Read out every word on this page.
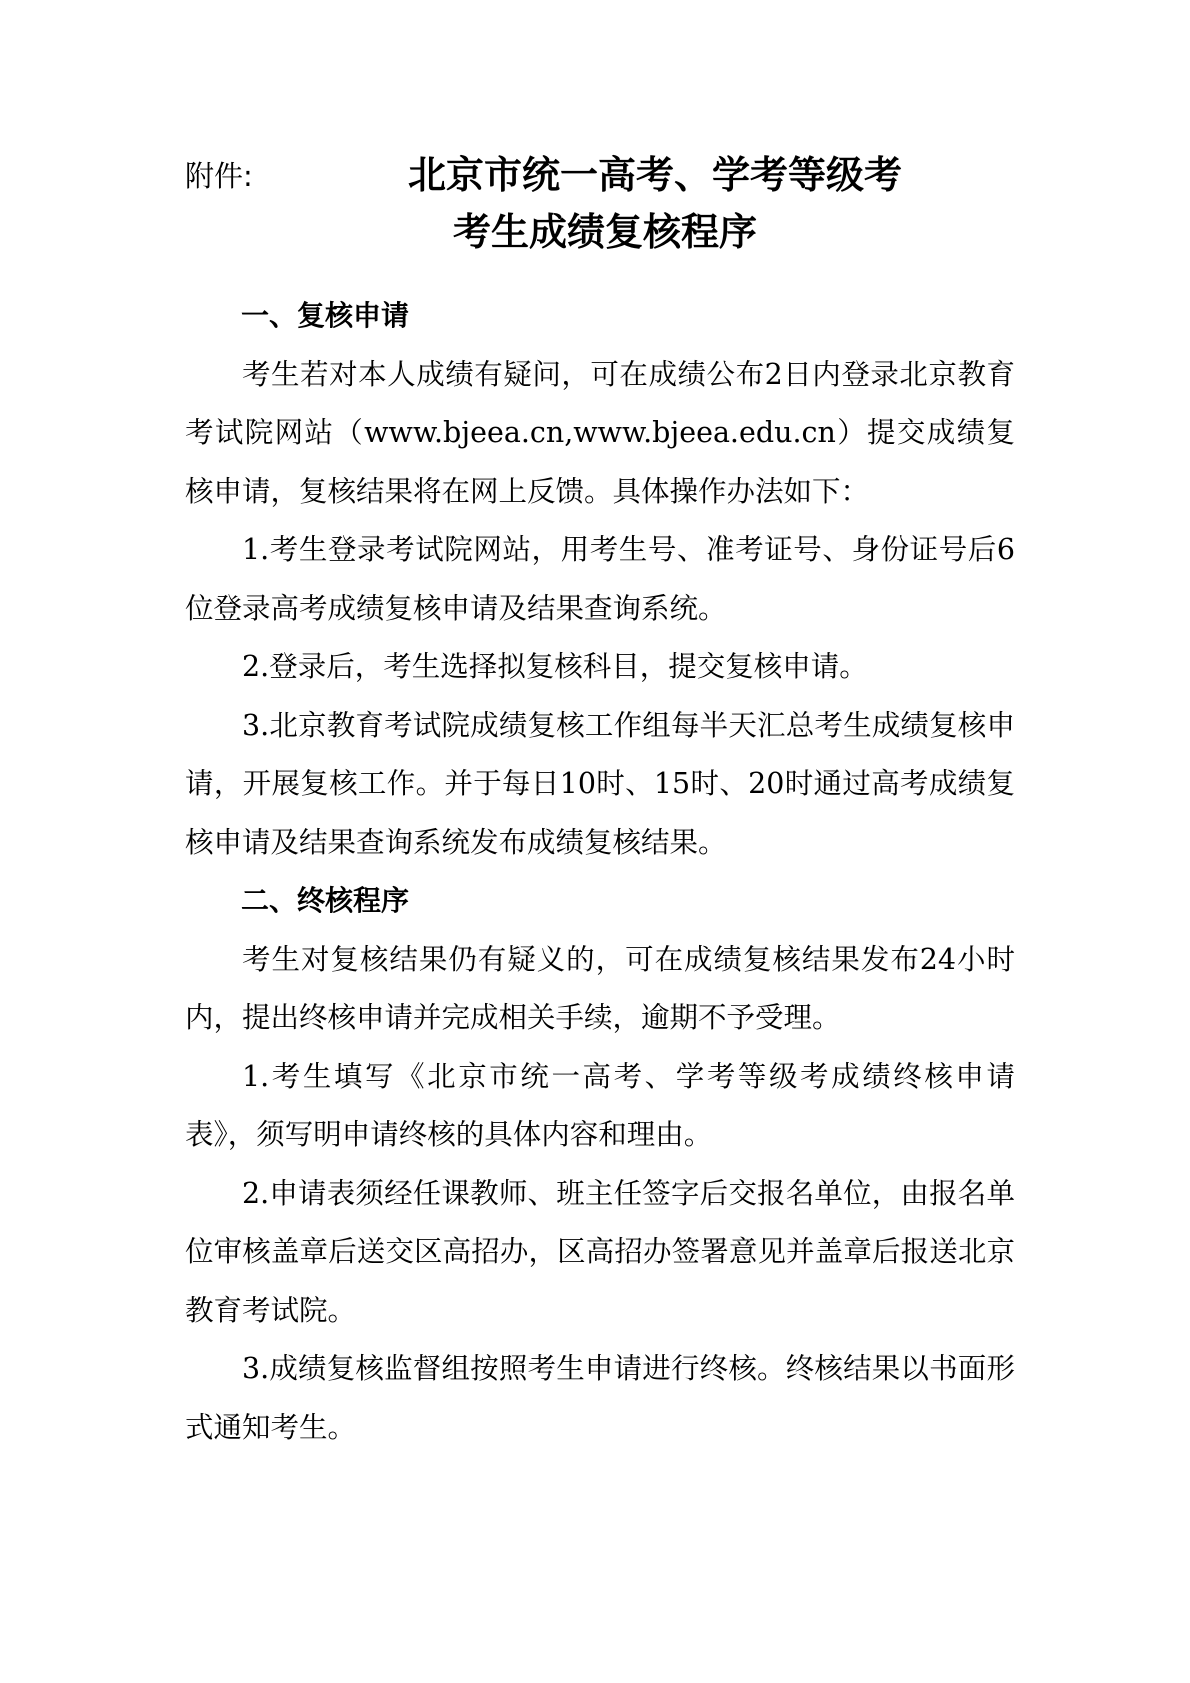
附件:	北京市统一高考、学考等级考
考生成绩复核程序

一、复核申请

考生若对本人成绩有疑问，可在成绩公布2日内登录北京教育考试院网站（www.bjeea.cn,www.bjeea.edu.cn）提交成绩复核申请，复核结果将在网上反馈。具体操作办法如下：

1.考生登录考试院网站，用考生号、准考证号、身份证号后6位登录高考成绩复核申请及结果查询系统。

2.登录后，考生选择拟复核科目，提交复核申请。

3.北京教育考试院成绩复核工作组每半天汇总考生成绩复核申请，开展复核工作。并于每日10时、15时、20时通过高考成绩复核申请及结果查询系统发布成绩复核结果。

二、终核程序

考生对复核结果仍有疑义的，可在成绩复核结果发布24小时内，提出终核申请并完成相关手续，逾期不予受理。

1.考生填写《北京市统一高考、学考等级考成绩终核申请表》，须写明申请终核的具体内容和理由。

2.申请表须经任课教师、班主任签字后交报名单位，由报名单位审核盖章后送交区高招办，区高招办签署意见并盖章后报送北京教育考试院。

3.成绩复核监督组按照考生申请进行终核。终核结果以书面形式通知考生。
